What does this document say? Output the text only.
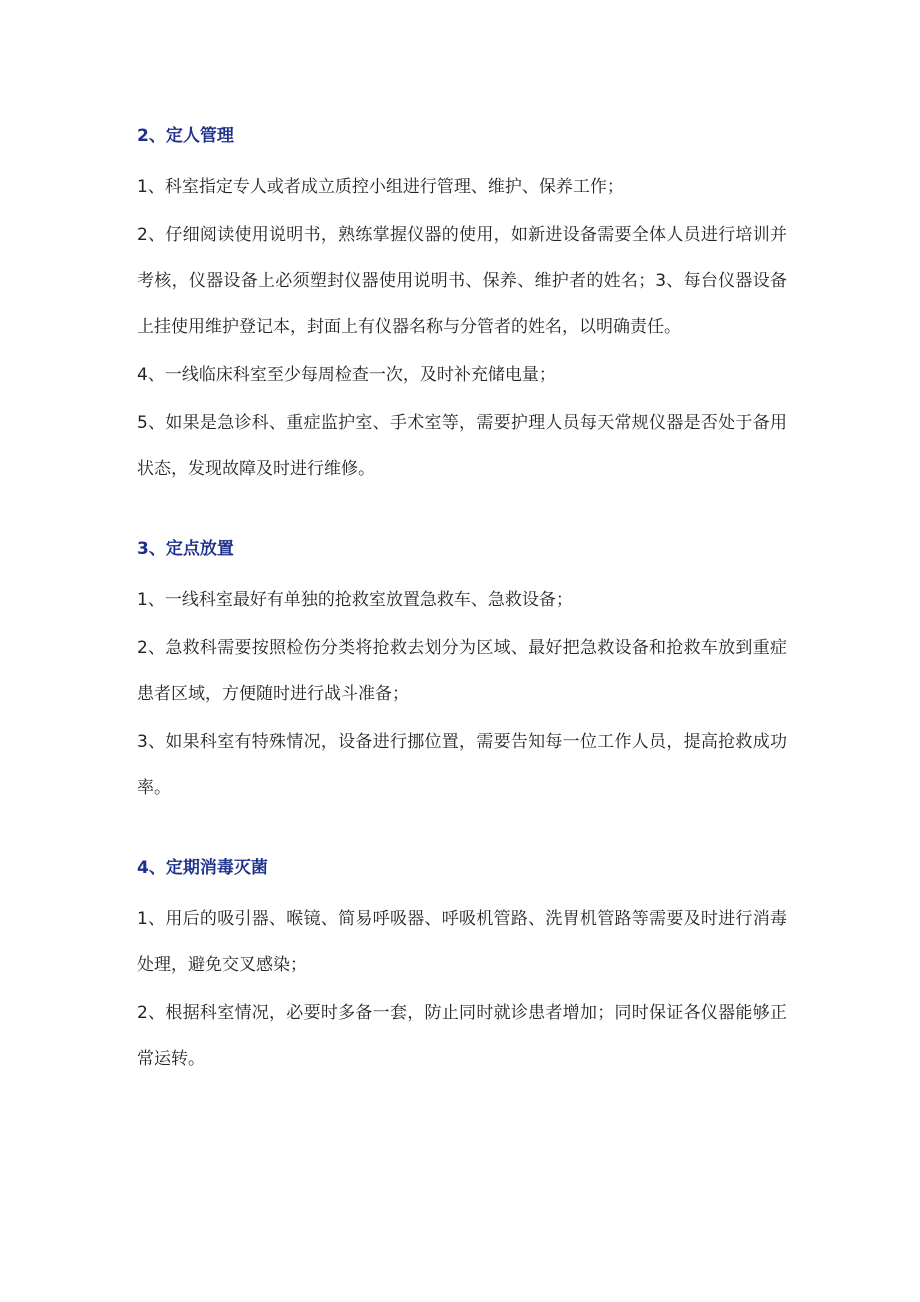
2、定人管理

1、科室指定专人或者成立质控小组进行管理、维护、保养工作；

2、仔细阅读使用说明书，熟练掌握仪器的使用，如新进设备需要全体人员进行培训并考核，仪器设备上必须塑封仪器使用说明书、保养、维护者的姓名；3、每台仪器设备上挂使用维护登记本，封面上有仪器名称与分管者的姓名，以明确责任。

4、一线临床科室至少每周检查一次，及时补充储电量；

5、如果是急诊科、重症监护室、手术室等，需要护理人员每天常规仪器是否处于备用状态，发现故障及时进行维修。

3、定点放置

1、一线科室最好有单独的抢救室放置急救车、急救设备；

2、急救科需要按照检伤分类将抢救去划分为区域、最好把急救设备和抢救车放到重症患者区域，方便随时进行战斗准备；

3、如果科室有特殊情况，设备进行挪位置，需要告知每一位工作人员，提高抢救成功率。

4、定期消毒灭菌

1、用后的吸引器、喉镜、简易呼吸器、呼吸机管路、洗胃机管路等需要及时进行消毒处理，避免交叉感染；

2、根据科室情况，必要时多备一套，防止同时就诊患者增加；同时保证各仪器能够正常运转。
